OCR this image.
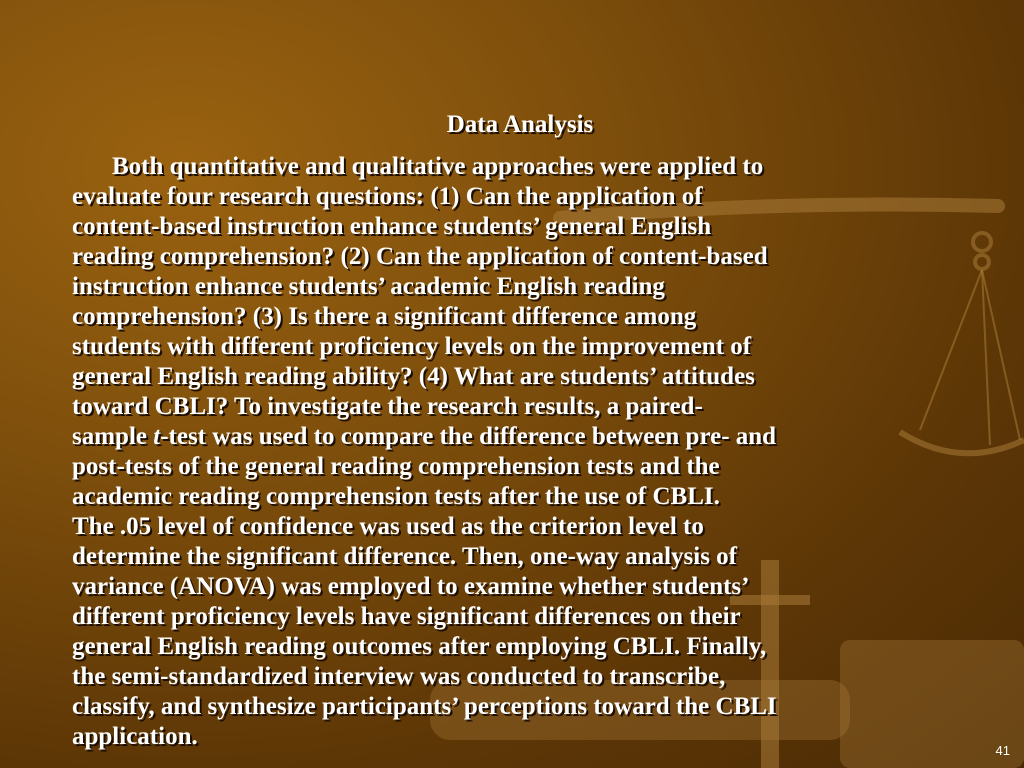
Data Analysis
Both quantitative and qualitative approaches were applied to
evaluate four research questions: (1) Can the application of
content-based instruction enhance students’ general English
reading comprehension? (2) Can the application of content-based
instruction enhance students’ academic English reading
comprehension? (3) Is there a significant difference among
students with different proficiency levels on the improvement of
general English reading ability? (4) What are students’ attitudes
toward CBLI? To investigate the research results, a paired-
sample t-test was used to compare the difference between pre- and
post-tests of the general reading comprehension tests and the
academic reading comprehension tests after the use of CBLI.
The .05 level of confidence was used as the criterion level to
determine the significant difference. Then, one-way analysis of
variance (ANOVA) was employed to examine whether students’
different proficiency levels have significant differences on their
general English reading outcomes after employing CBLI. Finally,
the semi-standardized interview was conducted to transcribe,
classify, and synthesize participants’ perceptions toward the CBLI
application.
41
